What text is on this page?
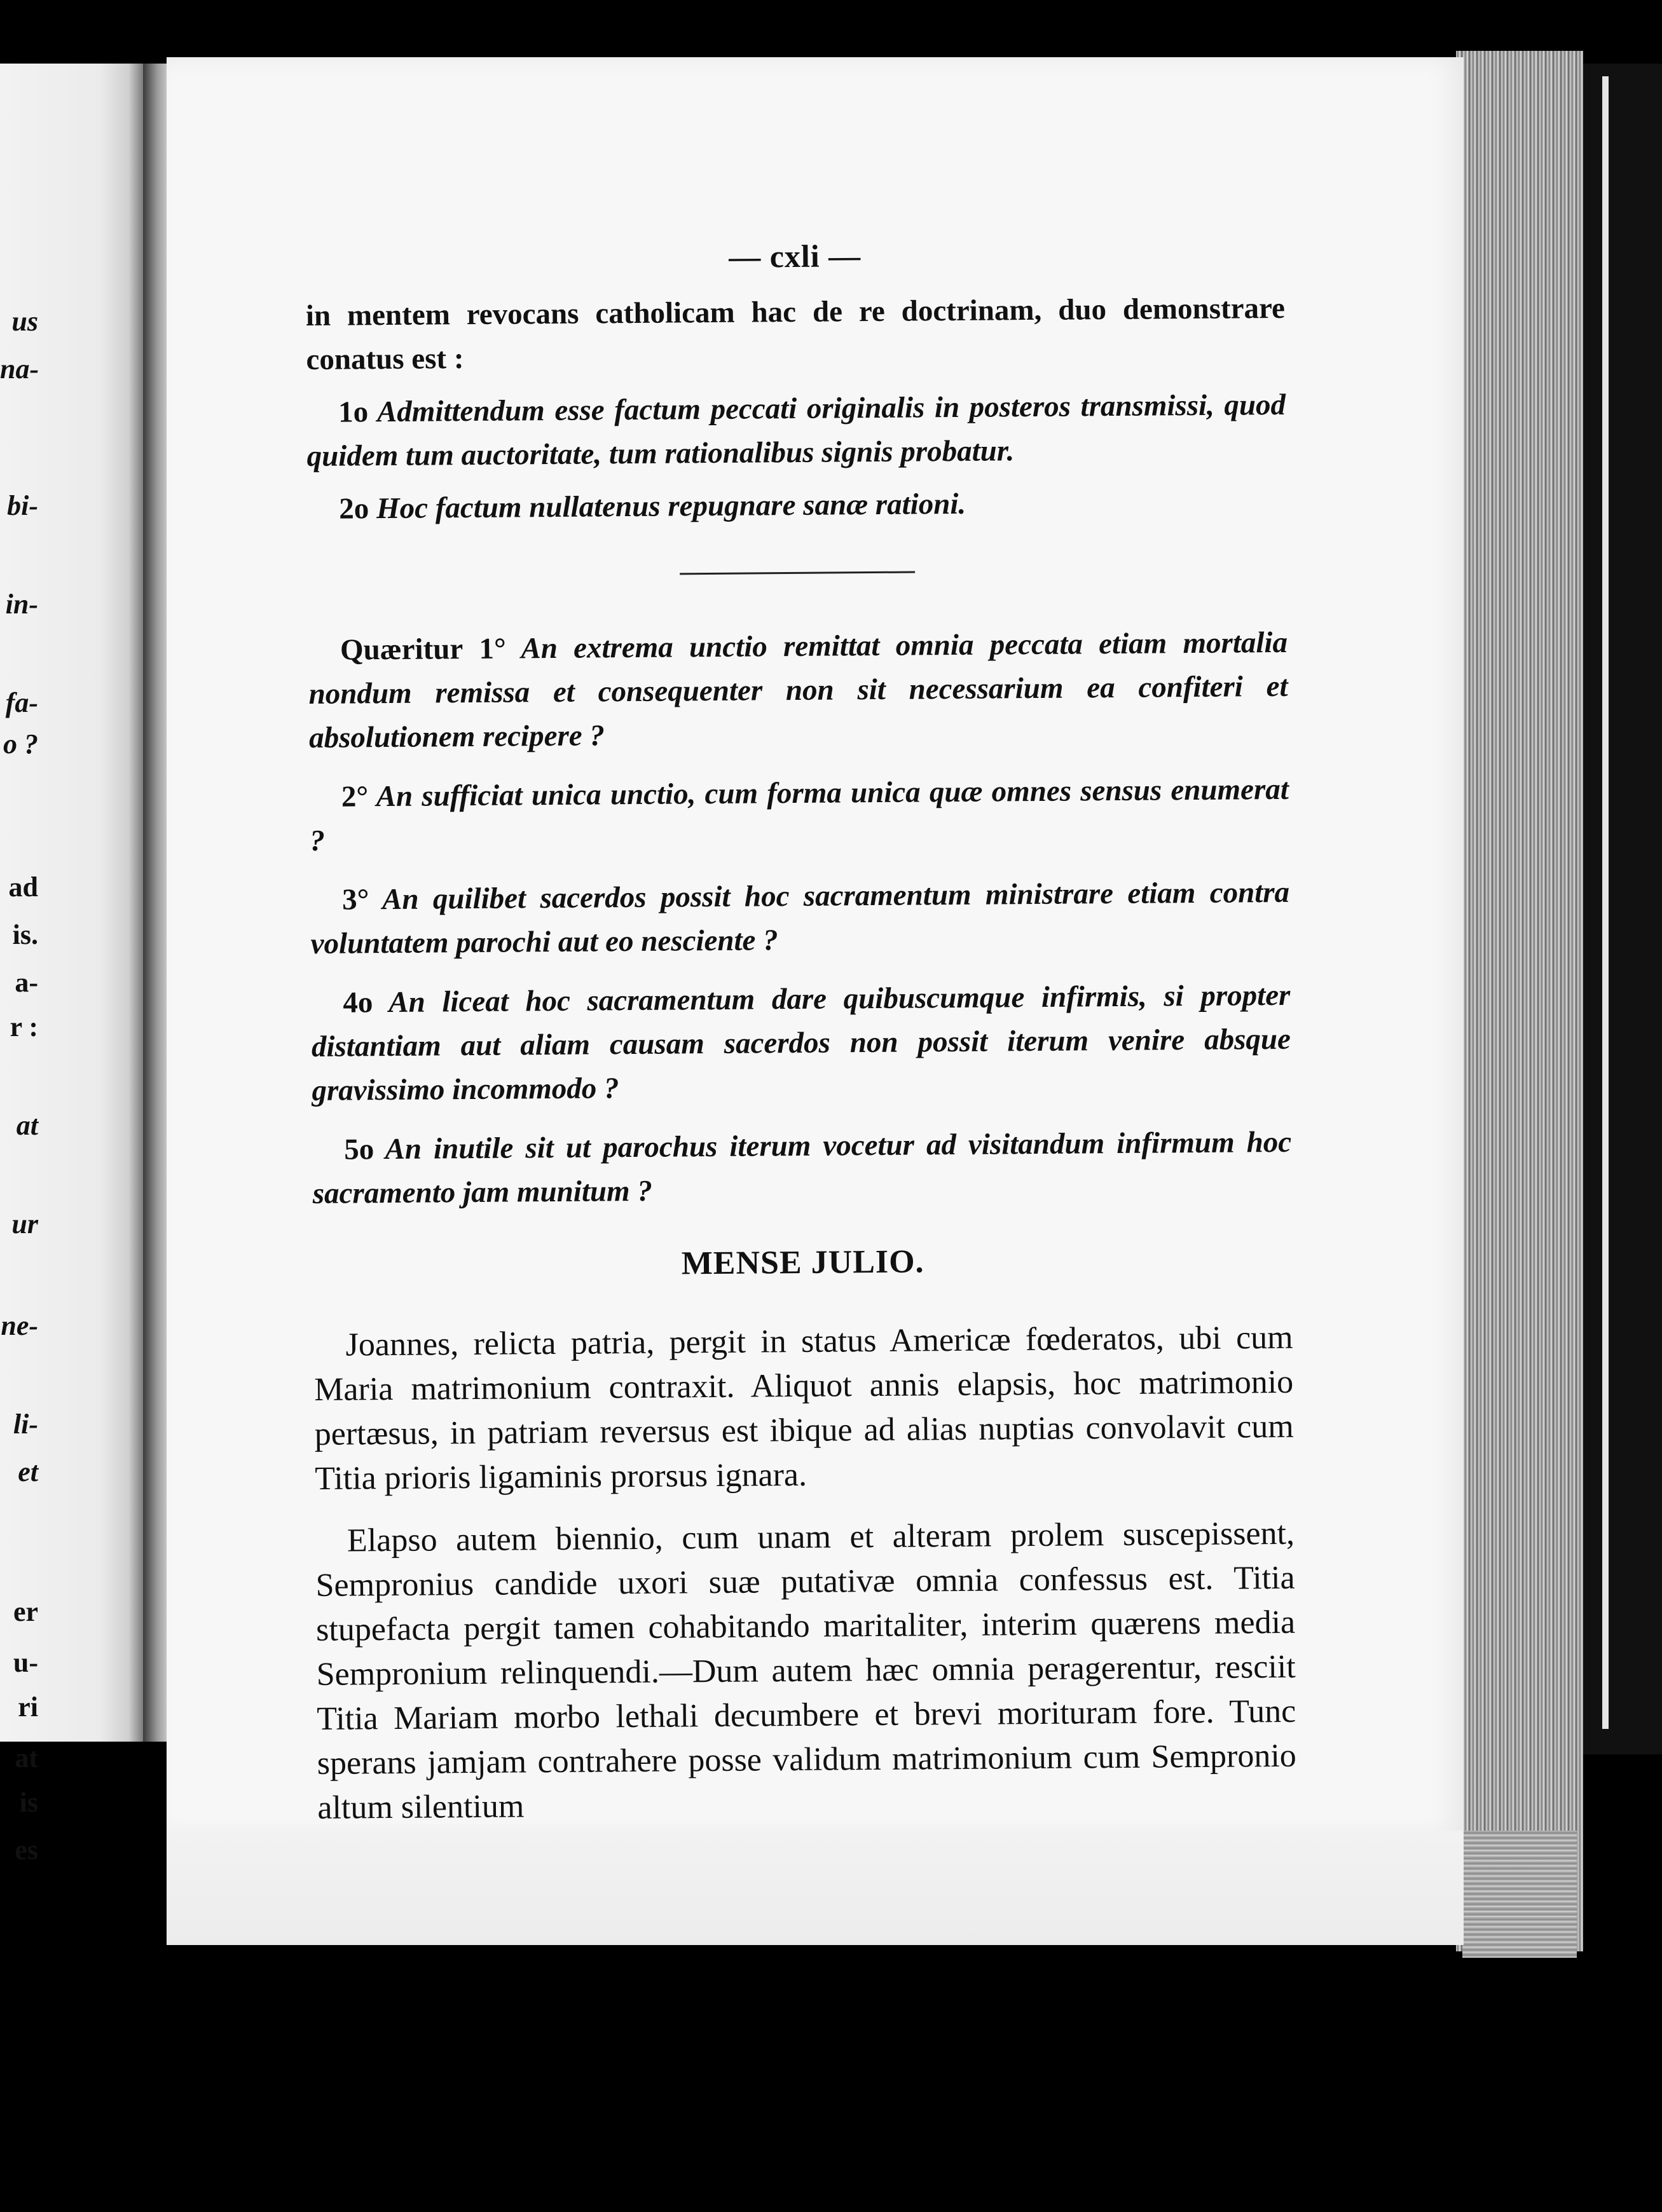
us
na-
bi-
in-
fa-
o ?
ad
is.
a-
r :
at
ur
ne-
li-
et
er
u-
ri
at
is
es
— cxli —

in mentem revocans catholicam hac de re doctrinam, duo demonstrare conatus est :

1o Admittendum esse factum peccati originalis in posteros transmissi, quod quidem tum auctoritate, tum rationalibus signis probatur.

2o Hoc factum nullatenus repugnare sanæ rationi.

Quæritur 1° An extrema unctio remittat omnia peccata etiam mortalia nondum remissa et consequenter non sit necessarium ea confiteri et absolutionem recipere ?

2° An sufficiat unica unctio, cum forma unica quæ omnes sensus enumerat ?

3° An quilibet sacerdos possit hoc sacramentum ministrare etiam contra voluntatem parochi aut eo nesciente ?

4o An liceat hoc sacramentum dare quibuscumque infirmis, si propter distantiam aut aliam causam sacerdos non possit iterum venire absque gravissimo incommodo ?

5o An inutile sit ut parochus iterum vocetur ad visitandum infirmum hoc sacramento jam munitum ?

MENSE JULIO.

Joannes, relicta patria, pergit in status Americæ fœderatos, ubi cum Maria matrimonium contraxit. Aliquot annis elapsis, hoc matrimonio pertæsus, in patriam reversus est ibique ad alias nuptias convolavit cum Titia prioris ligaminis prorsus ignara.

Elapso autem biennio, cum unam et alteram prolem suscepissent, Sempronius candide uxori suæ putativæ omnia confessus est. Titia stupefacta pergit tamen cohabitando maritaliter, interim quærens media Sempronium relinquendi.—Dum autem hæc omnia peragerentur, resciit Titia Mariam morbo lethali decumbere et brevi morituram fore. Tunc sperans jamjam contrahere posse validum matrimonium cum Sempronio altum silentium
